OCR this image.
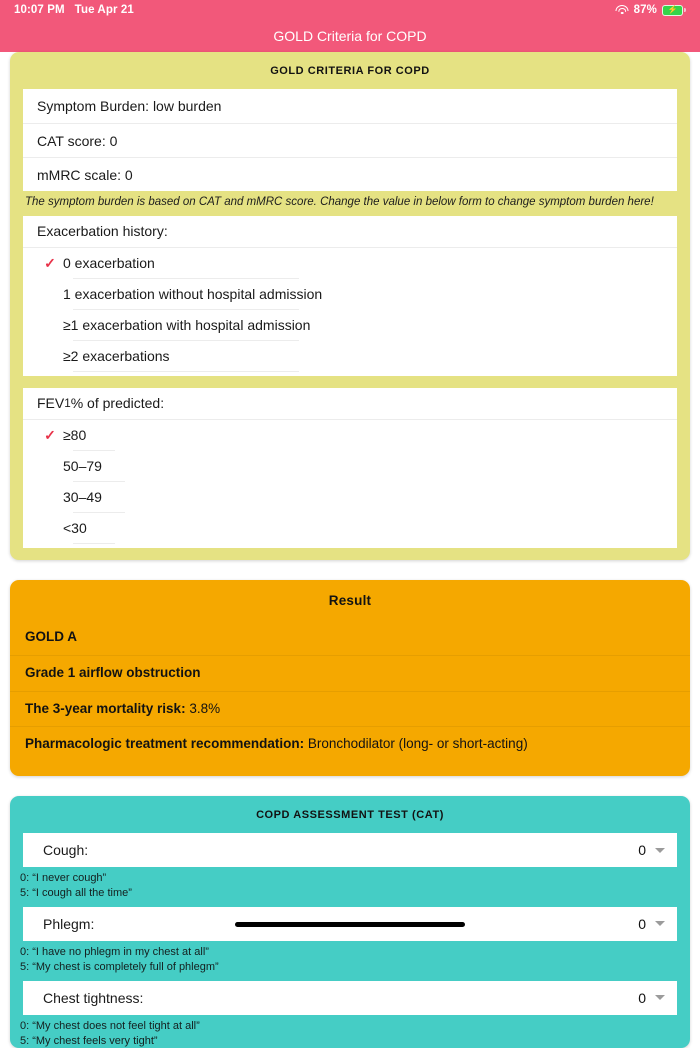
10:07 PM Tue Apr 21	87% ⚡
GOLD Criteria for COPD
GOLD CRITERIA FOR COPD
Symptom Burden: low burden
CAT score: 0
mMRC scale: 0
The symptom burden is based on CAT and mMRC score. Change the value in below form to change symptom burden here!
Exacerbation history:
✓ 0 exacerbation
1 exacerbation without hospital admission
≥1 exacerbation with hospital admission
≥2 exacerbations
FEV 1 % of predicted:
✓ ≥80
50–79
30–49
<30
Result
GOLD A
Grade 1 airflow obstruction
The 3-year mortality risk: 3.8%
Pharmacologic treatment recommendation: Bronchodilator (long- or short-acting)
COPD ASSESSMENT TEST (CAT)
Cough:	0
0: “I never cough”
5: “I cough all the time”
Phlegm:	0
0: “I have no phlegm in my chest at all”
5: “My chest is completely full of phlegm”
Chest tightness:	0
0: “My chest does not feel tight at all”
5: “My chest feels very tight”
